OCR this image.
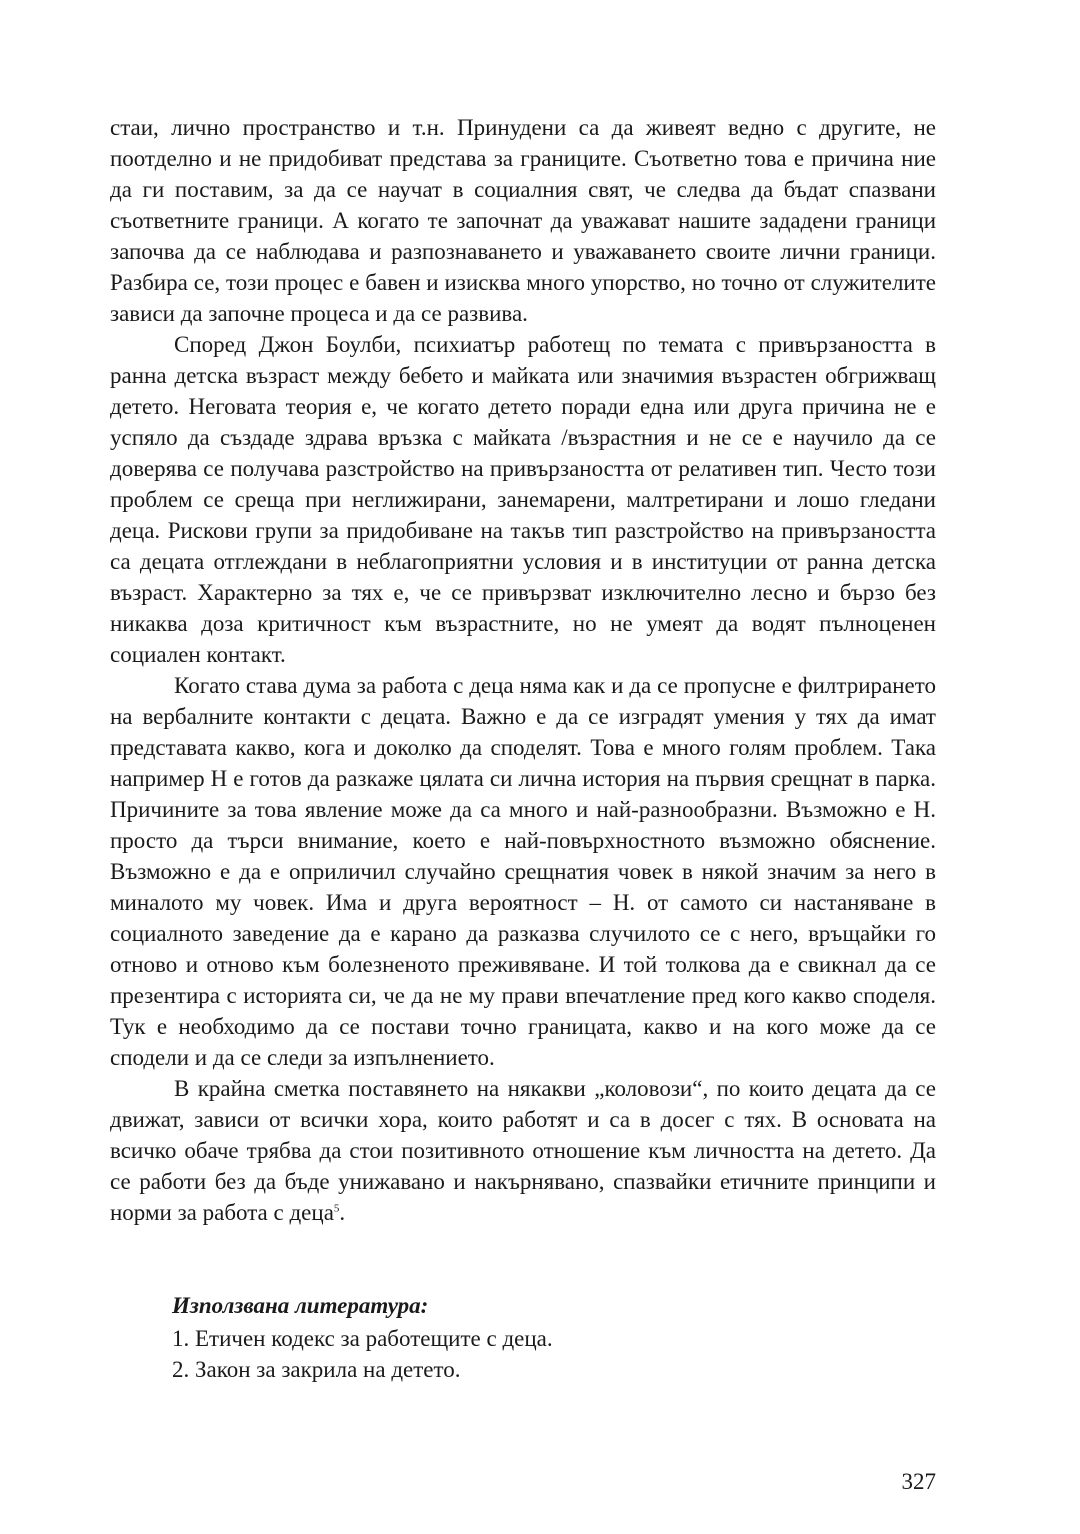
стаи, лично пространство и т.н. Принудени са да живеят ведно с другите, не поотделно и не придобиват представа за границите. Съответно това е причина ние да ги поставим, за да се научат в социалния свят, че следва да бъдат спазвани съответните граници. А когато те започнат да уважават нашите зададени граници започва да се наблюдава и разпознаването и уважаването своите лични граници. Разбира се, този процес е бавен и изисква много упорство, но точно от служителите зависи да започне процеса и да се развива.

Според Джон Боулби, психиатър работещ по темата с привързаността в ранна детска възраст между бебето и майката или значимия възрастен обгрижващ детето. Неговата теория е, че когато детето поради една или друга причина не е успяло да създаде здрава връзка с майката /възрастния и не се е научило да се доверява се получава разстройство на привързаността от релативен тип. Често този проблем се среща при неглижирани, занемарени, малтретирани и лошо гледани деца. Рискови групи за придобиване на такъв тип разстройство на привързаността са децата отглеждани в неблагоприятни условия и в институции от ранна детска възраст. Характерно за тях е, че се привързват изключително лесно и бързо без никаква доза критичност към възрастните, но не умеят да водят пълноценен социален контакт.

Когато става дума за работа с деца няма как и да се пропусне е филтрирането на вербалните контакти с децата. Важно е да се изградят умения у тях да имат представата какво, кога и доколко да споделят. Това е много голям проблем. Така например Н е готов да разкаже цялата си лична история на първия срещнат в парка. Причините за това явление може да са много и най-разнообразни. Възможно е Н. просто да търси внимание, което е най-повърхностното възможно обяснение. Възможно е да е оприличил случайно срещнатия човек в някой значим за него в миналото му човек. Има и друга вероятност – Н. от самото си настаняване в социалното заведение да е карано да разказва случилото се с него, връщайки го отново и отново към болезненото преживяване. И той толкова да е свикнал да се презентира с историята си, че да не му прави впечатление пред кого какво споделя. Тук е необходимо да се постави точно границата, какво и на кого може да се сподели и да се следи за изпълнението.

В крайна сметка поставянето на някакви „коловози“, по които децата да се движат, зависи от всички хора, които работят и са в досег с тях. В основата на всичко обаче трябва да стои позитивното отношение към личността на детето. Да се работи без да бъде унижавано и накърнявано, спазвайки етичните принципи и норми за работа с деца$^5$.

Използвана литература:

1. Етичен кодекс за работещите с деца.
2. Закон за закрила на детето.
327
